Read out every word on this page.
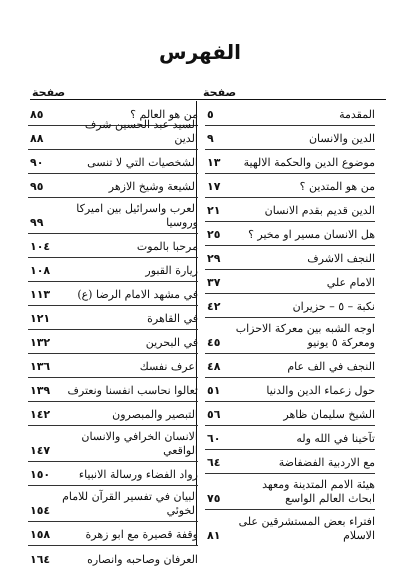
الفهرس
صفحة
صفحة
المقدمة
٥
الدين والانسان
٩
موضوع الدين والحكمة الالهية
١٣
من هو المتدين ؟
١٧
الدين قديم بقدم الانسان
٢١
هل الانسان مسير او مخير ؟
٢٥
النجف الاشرف
٢٩
الامام علي
٣٧
نكبة – ٥ – حزيران
٤٢
اوجه الشبه بين معركة الاحزاب ومعركة ٥ يونيو
٤٥
النجف في الف عام
٤٨
حول زعماء الدين والدنيا
٥١
الشيخ سليمان ظاهر
٥٦
تآخينا في الله وله
٦٠
مع الاردبية الفضفاضة
٦٤
هيئة الامم المتدينة ومعهد ابحاث العالم الواسع
٧٥
افتراء بعض المستشرقين على الاسلام
٨١
من هو العالم ؟
٨٥
السيد عبد الحسين شرف الدين
٨٨
الشخصيات التي لا تنسى
٩٠
الشيعة وشيخ الازهر
٩٥
العرب واسرائيل بين اميركا وروسيا
٩٩
مرحبا بالموت
١٠٤
زيارة القبور
١٠٨
في مشهد الامام الرضا (ع)
١١٣
في القاهرة
١٢١
في البحرين
١٣٢
اعرف نفسك
١٣٦
تعالوا نحاسب انفسنا ونعترف
١٣٩
التبصير والمبصرون
١٤٢
الانسان الخرافي والانسان الواقعي
١٤٧
رواد الفضاء ورسالة الانبياء
١٥٠
البيان في تفسير القرآن للامام الخوئي
١٥٤
وقفة قصيرة مع ابو زهرة
١٥٨
العرفان وصاحبه وانصاره
١٦٤
